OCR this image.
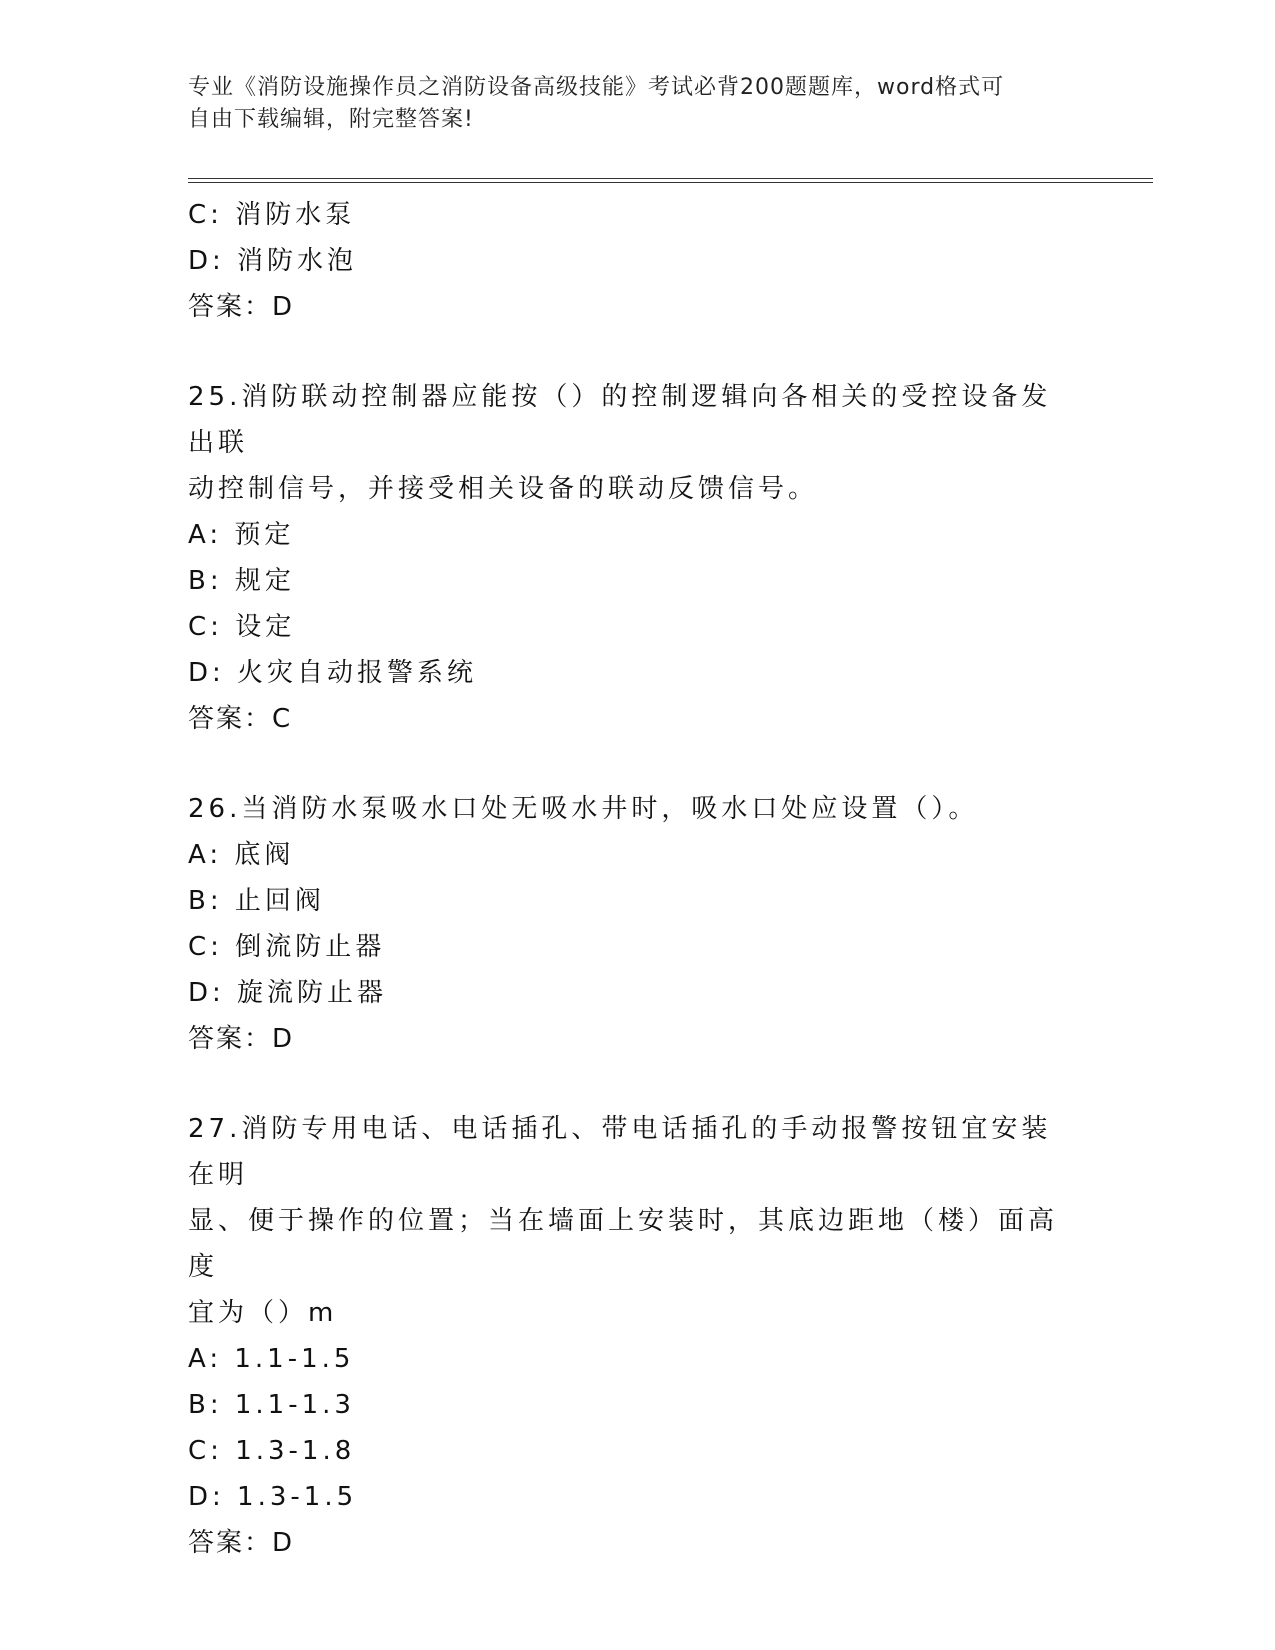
专业《消防设施操作员之消防设备高级技能》考试必背200题题库，word格式可
自由下载编辑，附完整答案!
C: 消防水泵
D: 消防水泡
答案：D
25.消防联动控制器应能按（）的控制逻辑向各相关的受控设备发出联
动控制信号，并接受相关设备的联动反馈信号。
A: 预定
B: 规定
C: 设定
D: 火灾自动报警系统
答案：C
26.当消防水泵吸水口处无吸水井时，吸水口处应设置（）。
A: 底阀
B: 止回阀
C: 倒流防止器
D: 旋流防止器
答案：D
27.消防专用电话、电话插孔、带电话插孔的手动报警按钮宜安装在明
显、便于操作的位置；当在墙面上安装时，其底边距地（楼）面高度
宜为（）m
A: 1.1-1.5
B: 1.1-1.3
C: 1.3-1.8
D: 1.3-1.5
答案：D
